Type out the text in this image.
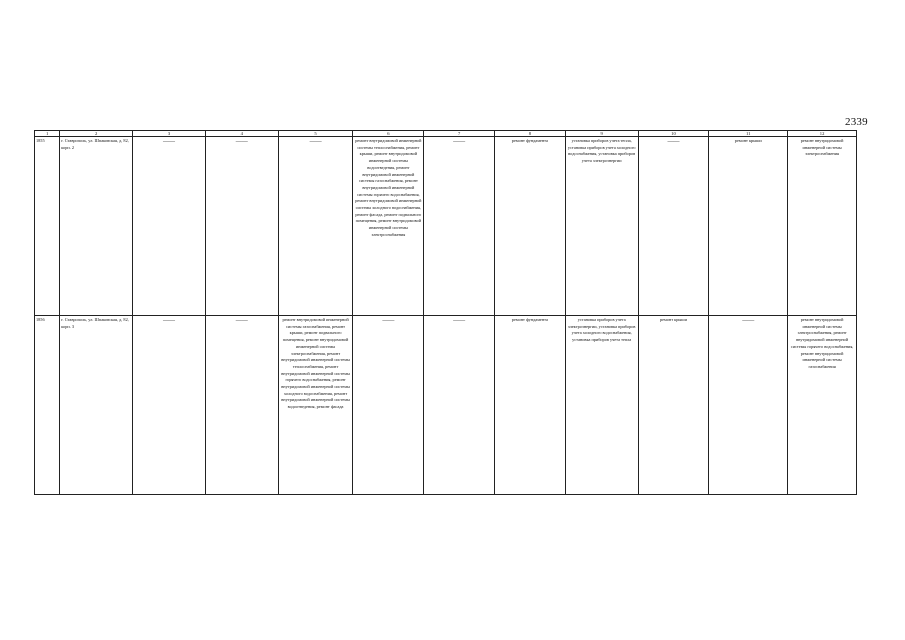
2339
1	2	3	4	5	6	7	8	9	10	11	12
1855	г. Ставрополь, ул. Шпаковская, д. 82, корп. 2	——	——	——	ремонт внутридомовой инженерной системы теплоснабжения, ремонт крыши, ремонт внутридомовой инженерной системы водоотведения, ремонт внутридомовой инженерной системы газоснабжения, ремонт внутридомовой инженерной системы горячего водоснабжения, ремонт внутридомовой инженерной системы холодного водоснабжения, ремонт фасада, ремонт подвального помещения, ремонт внутридомовой инженерной системы электроснабжения	——	ремонт фундамента	установка приборов учета тепла, установка приборов учета холодного водоснабжения, установка приборов учета электроэнергии	——	ремонт крыши	ремонт внутридомовой инженерной системы электроснабжения
1856	г. Ставрополь, ул. Шпаковская, д. 82, корп. 3	——	——	ремонт внутридомовой инженерной системы газоснабжения, ремонт крыши, ремонт подвального помещения, ремонт внутридомовой инженерной системы электроснабжения, ремонт внутридомовой инженерной системы теплоснабжения, ремонт внутридомовой инженерной системы горячего водоснабжения, ремонт внутридомовой инженерной системы холодного водоснабжения, ремонт внутридомовой инженерной системы водоотведения, ремонт фасада	——	——	ремонт фундамента	установка приборов учета электроэнергии, установка приборов учета холодного водоснабжения, установка приборов учета тепла	ремонт крыши	——	ремонт внутридомовой инженерной системы электроснабжения, ремонт внутридомовой инженерной системы горячего водоснабжения, ремонт внутридомовой инженерной системы газоснабжения
